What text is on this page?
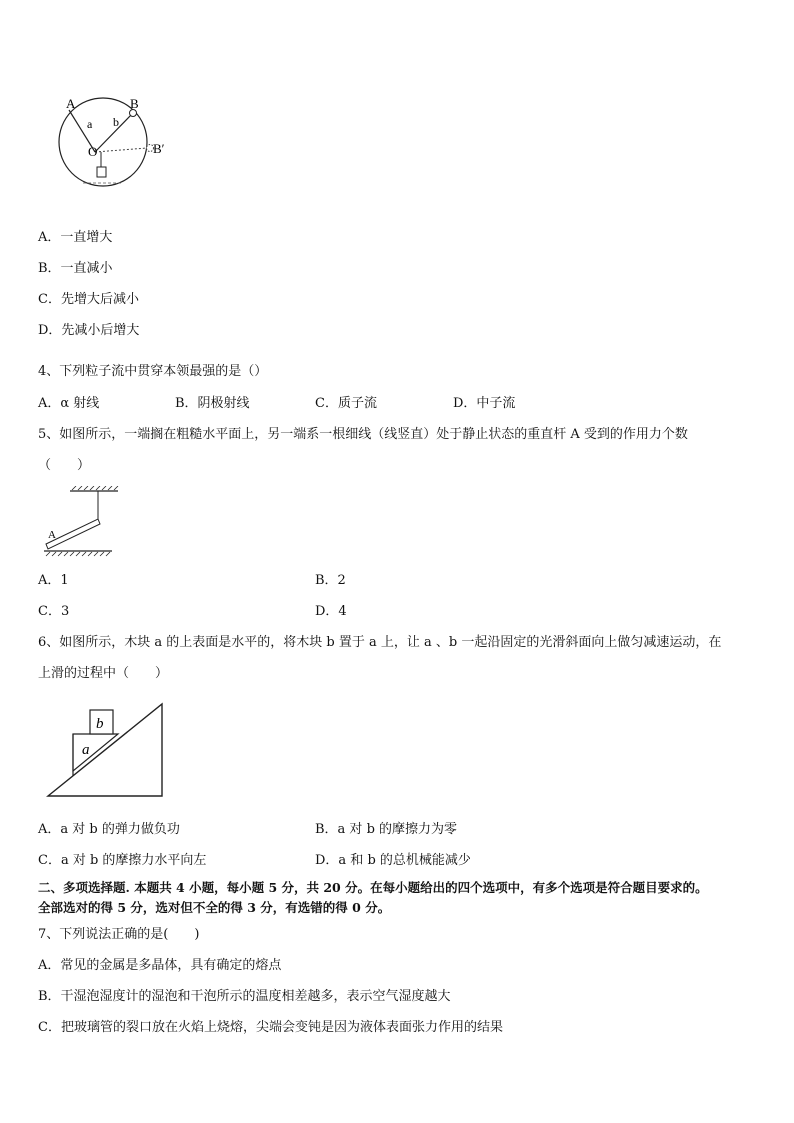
A	B
a b
O	B′
A．一直增大
B．一直减小
C．先增大后减小
D．先减小后增大
4、下列粒子流中贯穿本领最强的是（）
A．α 射线	B．阴极射线	C．质子流	D．中子流
5、如图所示，一端搁在粗糙水平面上，另一端系一根细线（线竖直）处于静止状态的重直杆 A 受到的作用力个数
（　　）
A
A．1	B．2
C．3	D．4
6、如图所示，木块 a 的上表面是水平的，将木块 b 置于 a 上，让 a 、b 一起沿固定的光滑斜面向上做匀减速运动，在
上滑的过程中（　　）
b
a
A．a 对 b 的弹力做负功	B．a 对 b 的摩擦力为零
C．a 对 b 的摩擦力水平向左	D．a 和 b 的总机械能减少
二、多项选择题. 本题共 4 小题，每小题 5 分，共 20 分。在每小题给出的四个选项中，有多个选项是符合题目要求的。
全部选对的得 5 分，选对但不全的得 3 分，有选错的得 0 分。
7、下列说法正确的是(　　)
A．常见的金属是多晶体，具有确定的熔点
B．干湿泡湿度计的湿泡和干泡所示的温度相差越多，表示空气湿度越大
C．把玻璃管的裂口放在火焰上烧熔，尖端会变钝是因为液体表面张力作用的结果
